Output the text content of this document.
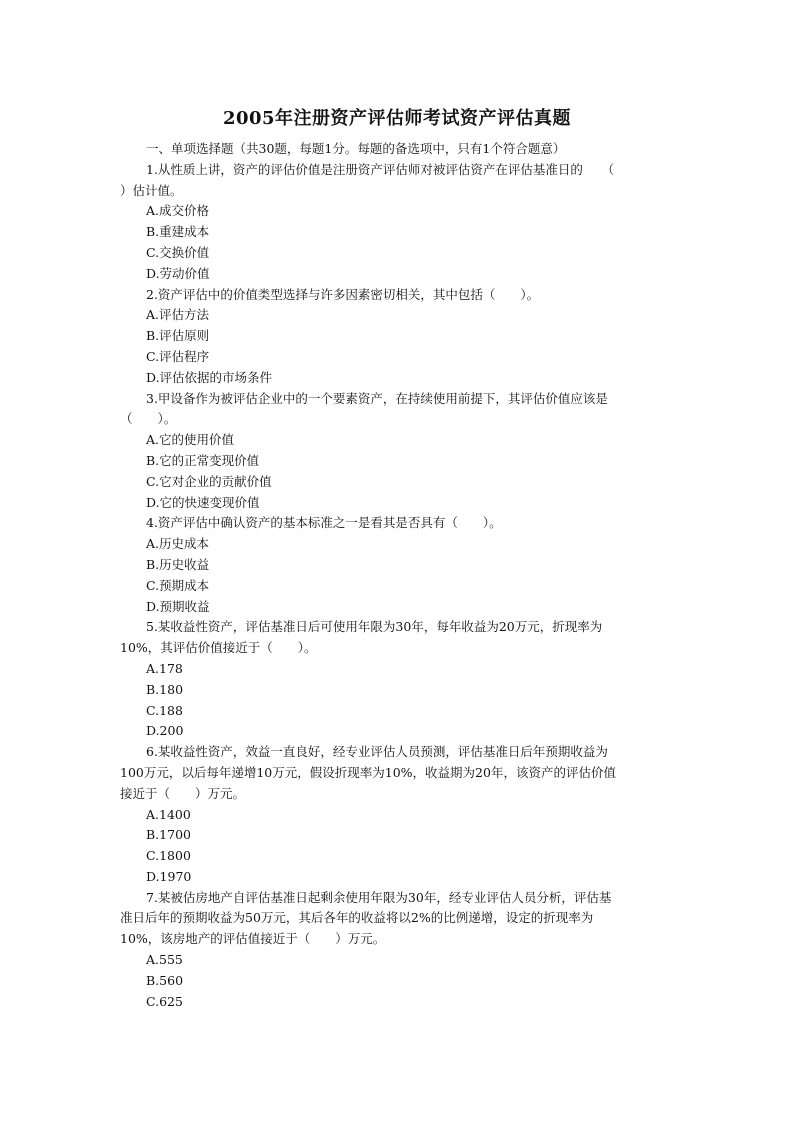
2005年注册资产评估师考试资产评估真题
一、单项选择题（共30题，每题1分。每题的备选项中，只有1个符合题意）
1.从性质上讲，资产的评估价值是注册资产评估师对被评估资产在评估基准日的　　（
）估计值。
A.成交价格
B.重建成本
C.交换价值
D.劳动价值
2.资产评估中的价值类型选择与许多因素密切相关，其中包括（　　）。
A.评估方法
B.评估原则
C.评估程序
D.评估依据的市场条件
3.甲设备作为被评估企业中的一个要素资产，在持续使用前提下，其评估价值应该是
（　　）。
A.它的使用价值
B.它的正常变现价值
C.它对企业的贡献价值
D.它的快速变现价值
4.资产评估中确认资产的基本标准之一是看其是否具有（　　）。
A.历史成本
B.历史收益
C.预期成本
D.预期收益
5.某收益性资产，评估基准日后可使用年限为30年，每年收益为20万元，折现率为
10%，其评估价值接近于（　　）。
A.178
B.180
C.188
D.200
6.某收益性资产，效益一直良好，经专业评估人员预测，评估基准日后年预期收益为
100万元，以后每年递增10万元，假设折现率为10%，收益期为20年，该资产的评估价值
接近于（　　）万元。
A.1400
B.1700
C.1800
D.1970
7.某被估房地产自评估基准日起剩余使用年限为30年，经专业评估人员分析，评估基
准日后年的预期收益为50万元，其后各年的收益将以2%的比例递增，设定的折现率为
10%，该房地产的评估值接近于（　　）万元。
A.555
B.560
C.625
